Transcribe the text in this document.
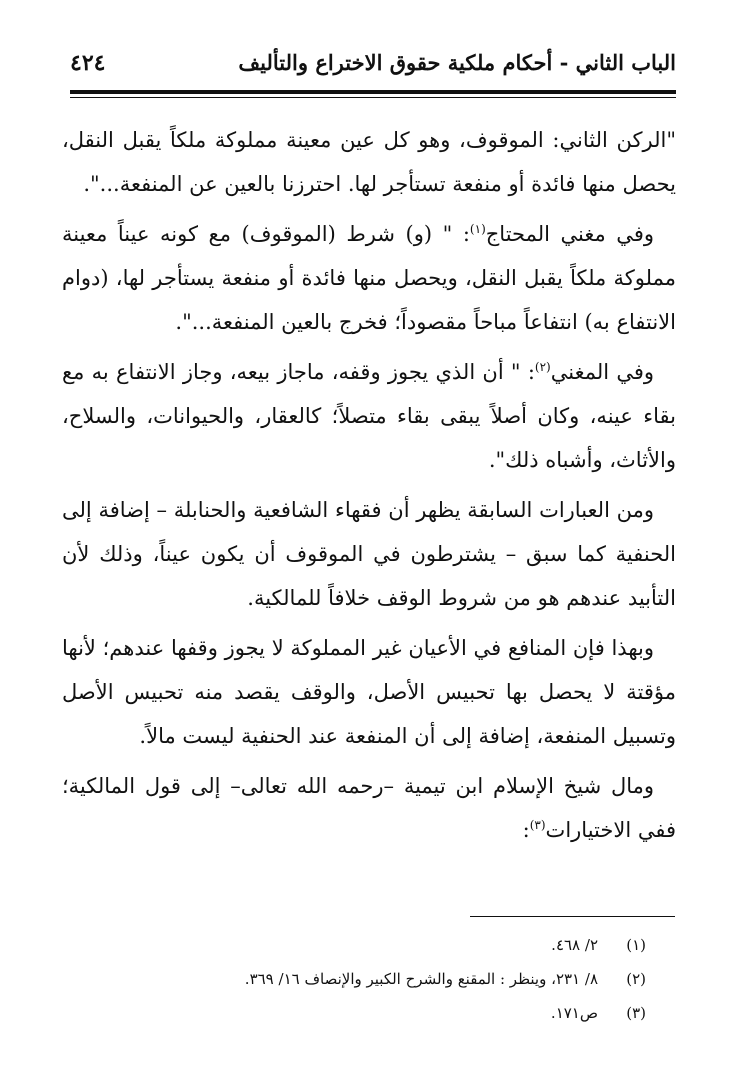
الباب الثاني - أحكام ملكية حقوق الاختراع والتأليف
٤٢٤

"الركن الثاني: الموقوف، وهو كل عين معينة مملوكة ملكاً يقبل النقل، يحصل منها فائدة أو منفعة تستأجر لها. احترزنا بالعين عن المنفعة...".

وفي مغني المحتاج$^{(١)}$: " (و) شرط (الموقوف) مع كونه عيناً معينة مملوكة ملكاً يقبل النقل، ويحصل منها فائدة أو منفعة يستأجر لها، (دوام الانتفاع به) انتفاعاً مباحاً مقصوداً؛ فخرج بالعين المنفعة...".

وفي المغني$^{(٢)}$: " أن الذي يجوز وقفه، ماجاز بيعه، وجاز الانتفاع به مع بقاء عينه، وكان أصلاً يبقى بقاء متصلاً؛ كالعقار، والحيوانات، والسلاح، والأثاث، وأشباه ذلك".

ومن العبارات السابقة يظهر أن فقهاء الشافعية والحنابلة – إضافة إلى الحنفية كما سبق – يشترطون في الموقوف أن يكون عيناً، وذلك لأن التأبيد عندهم هو من شروط الوقف خلافاً للمالكية.

وبهذا فإن المنافع في الأعيان غير المملوكة لا يجوز وقفها عندهم؛ لأنها مؤقتة لا يحصل بها تحبيس الأصل، والوقف يقصد منه تحبيس الأصل وتسبيل المنفعة، إضافة إلى أن المنفعة عند الحنفية ليست مالاً.

ومال شيخ الإسلام ابن تيمية –رحمه الله تعالى– إلى قول المالكية؛ ففي الاختيارات$^{(٣)}$:

(١)
٢/ ٤٦٨.
(٢)
٨/ ٢٣١، وينظر : المقنع والشرح الكبير والإنصاف ١٦/ ٣٦٩.
(٣)
ص١٧١.
